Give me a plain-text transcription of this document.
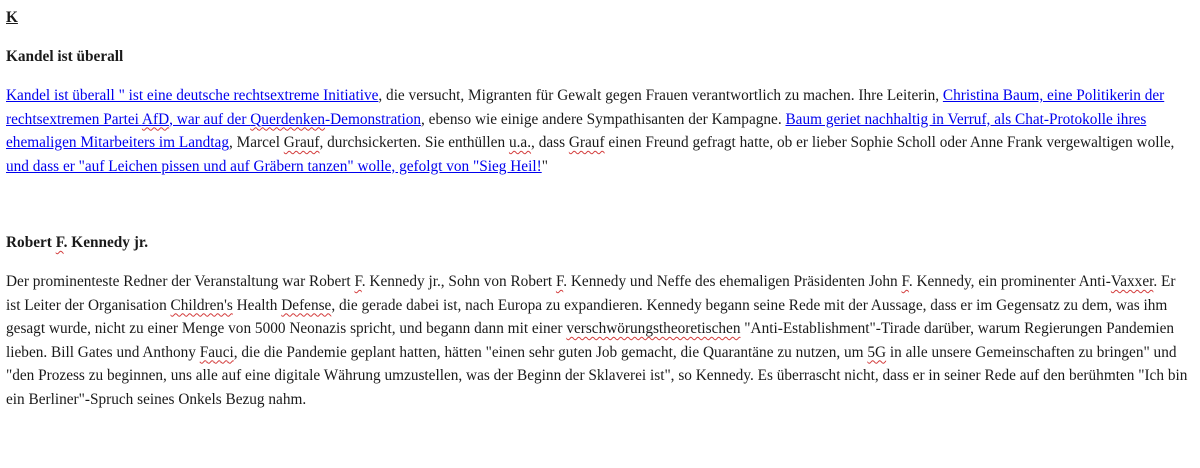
K
Kandel ist überall

Kandel ist überall " ist eine deutsche rechtsextreme Initiative, die versucht, Migranten für Gewalt gegen Frauen verantwortlich zu machen. Ihre Leiterin, Christina Baum, eine Politikerin der rechtsextremen Partei AfD, war auf der Querdenken-Demonstration, ebenso wie einige andere Sympathisanten der Kampagne. Baum geriet nachhaltig in Verruf, als Chat-Protokolle ihres ehemaligen Mitarbeiters im Landtag, Marcel Grauf, durchsickerten. Sie enthüllen u.a., dass Grauf einen Freund gefragt hatte, ob er lieber Sophie Scholl oder Anne Frank vergewaltigen wolle, und dass er "auf Leichen pissen und auf Gräbern tanzen" wolle, gefolgt von "Sieg Heil!"

Robert F. Kennedy jr.

Der prominenteste Redner der Veranstaltung war Robert F. Kennedy jr., Sohn von Robert F. Kennedy und Neffe des ehemaligen Präsidenten John F. Kennedy, ein prominenter Anti-Vaxxer. Er ist Leiter der Organisation Children's Health Defense, die gerade dabei ist, nach Europa zu expandieren. Kennedy begann seine Rede mit der Aussage, dass er im Gegensatz zu dem, was ihm gesagt wurde, nicht zu einer Menge von 5000 Neonazis spricht, und begann dann mit einer verschwörungstheoretischen "Anti-Establishment"-Tirade darüber, warum Regierungen Pandemien lieben. Bill Gates und Anthony Fauci, die die Pandemie geplant hatten, hätten "einen sehr guten Job gemacht, die Quarantäne zu nutzen, um 5G in alle unsere Gemeinschaften zu bringen" und "den Prozess zu beginnen, uns alle auf eine digitale Währung umzustellen, was der Beginn der Sklaverei ist", so Kennedy. Es überrascht nicht, dass er in seiner Rede auf den berühmten "Ich bin ein Berliner"-Spruch seines Onkels Bezug nahm.
